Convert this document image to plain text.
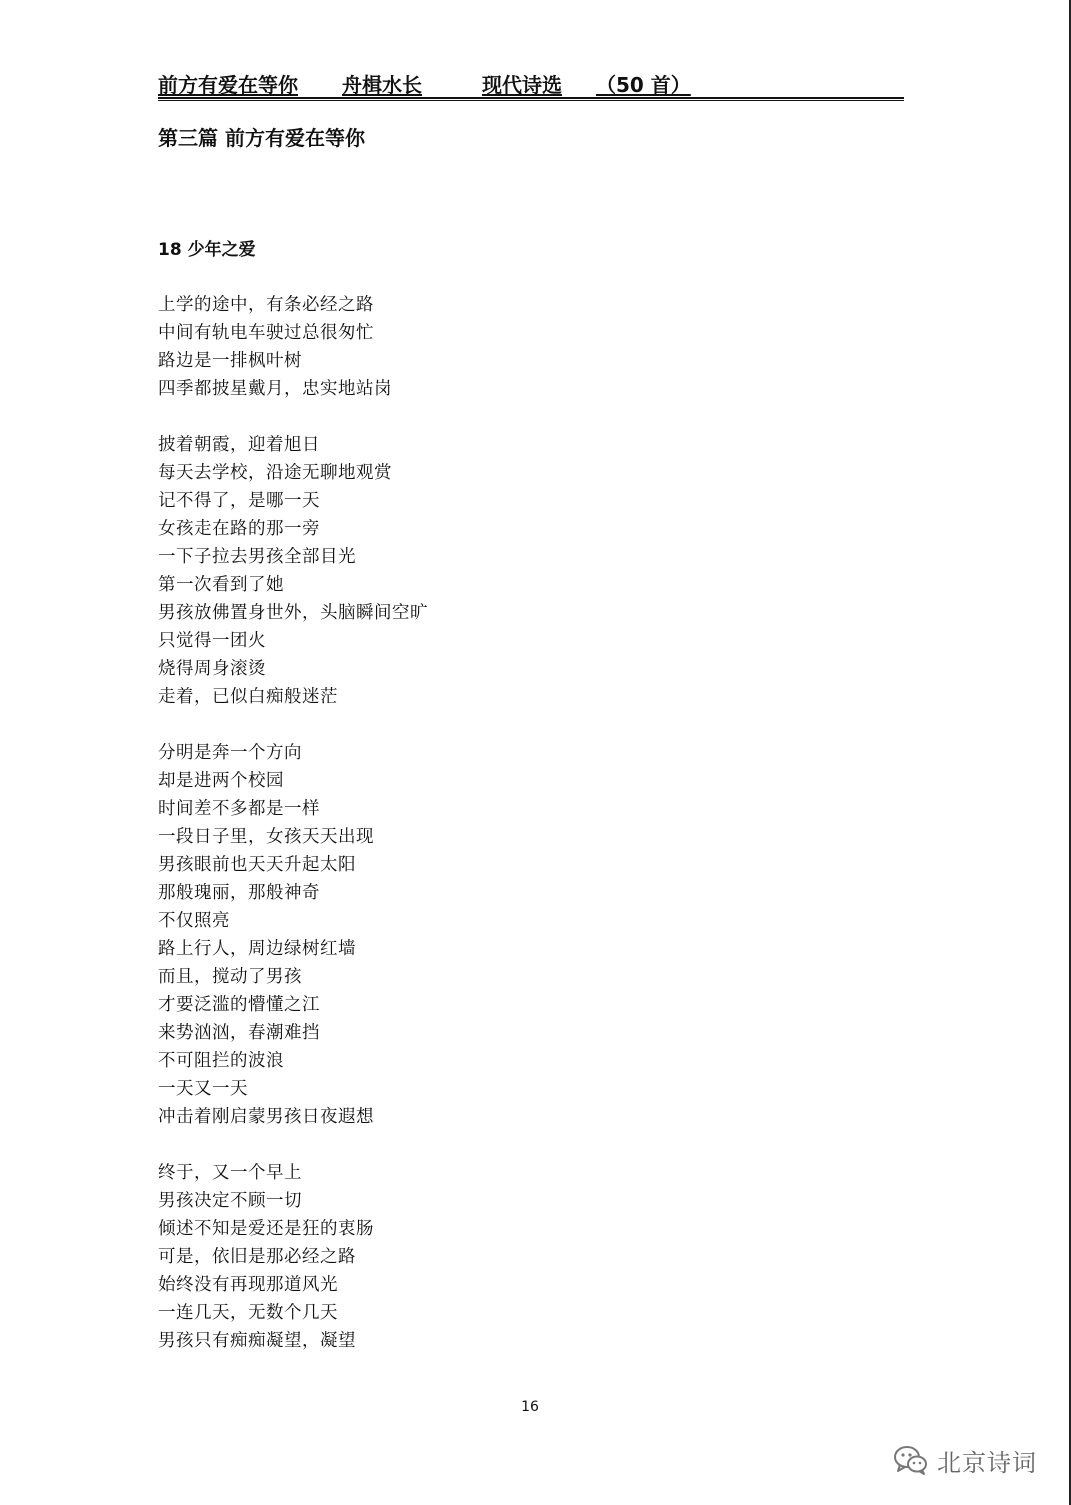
前方有爱在等你 舟楫水长	现代诗选 （50 首）
第三篇 前方有爱在等你
18 少年之爱
上学的途中，有条必经之路
中间有轨电车驶过总很匆忙
路边是一排枫叶树
四季都披星戴月，忠实地站岗
披着朝霞，迎着旭日
每天去学校，沿途无聊地观赏
记不得了，是哪一天
女孩走在路的那一旁
一下子拉去男孩全部目光
第一次看到了她
男孩放佛置身世外，头脑瞬间空旷
只觉得一团火
烧得周身滚烫
走着，已似白痴般迷茫
分明是奔一个方向
却是进两个校园
时间差不多都是一样
一段日子里，女孩天天出现
男孩眼前也天天升起太阳
那般瑰丽，那般神奇
不仅照亮
路上行人，周边绿树红墙
而且，搅动了男孩
才要泛滥的懵懂之江
来势汹汹，春潮难挡
不可阻拦的波浪
一天又一天
冲击着刚启蒙男孩日夜遐想
终于，又一个早上
男孩决定不顾一切
倾述不知是爱还是狂的衷肠
可是，依旧是那必经之路
始终没有再现那道风光
一连几天，无数个几天
男孩只有痴痴凝望，凝望
16
北京诗词
